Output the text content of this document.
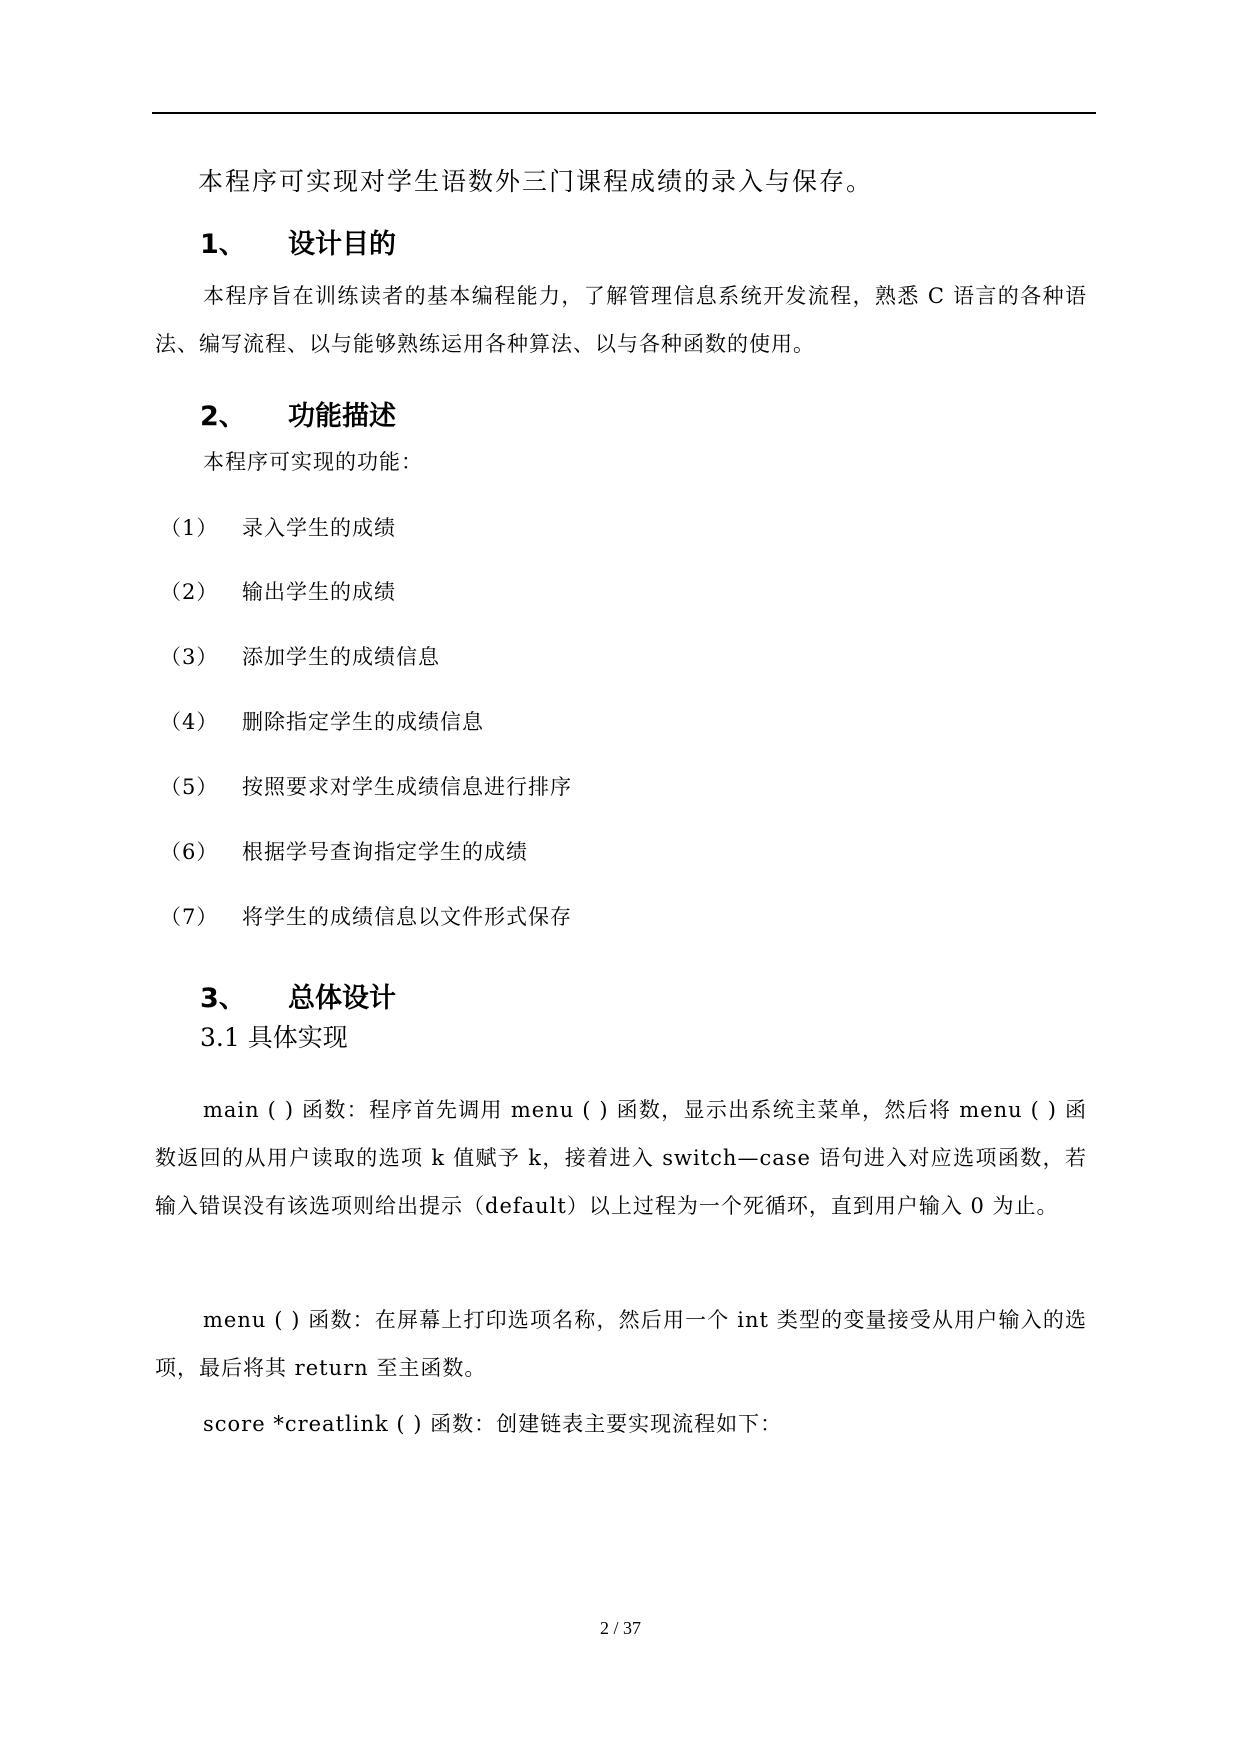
本程序可实现对学生语数外三门课程成绩的录入与保存。
1、 设计目的
本程序旨在训练读者的基本编程能力，了解管理信息系统开发流程，熟悉 C 语言的各种语法、编写流程、以与能够熟练运用各种算法、以与各种函数的使用。
2、 功能描述
本程序可实现的功能：
（1） 录入学生的成绩
（2） 输出学生的成绩
（3） 添加学生的成绩信息
（4） 删除指定学生的成绩信息
（5） 按照要求对学生成绩信息进行排序
（6） 根据学号查询指定学生的成绩
（7） 将学生的成绩信息以文件形式保存
3、 总体设计
3.1 具体实现
main ( ) 函数：程序首先调用 menu ( ) 函数，显示出系统主菜单，然后将 menu ( ) 函数返回的从用户读取的选项 k 值赋予 k，接着进入 switch—case 语句进入对应选项函数，若输入错误没有该选项则给出提示（default）以上过程为一个死循环，直到用户输入 0 为止。
menu ( ) 函数：在屏幕上打印选项名称，然后用一个 int 类型的变量接受从用户输入的选项，最后将其 return 至主函数。
score *creatlink ( ) 函数：创建链表主要实现流程如下：
2 / 37
